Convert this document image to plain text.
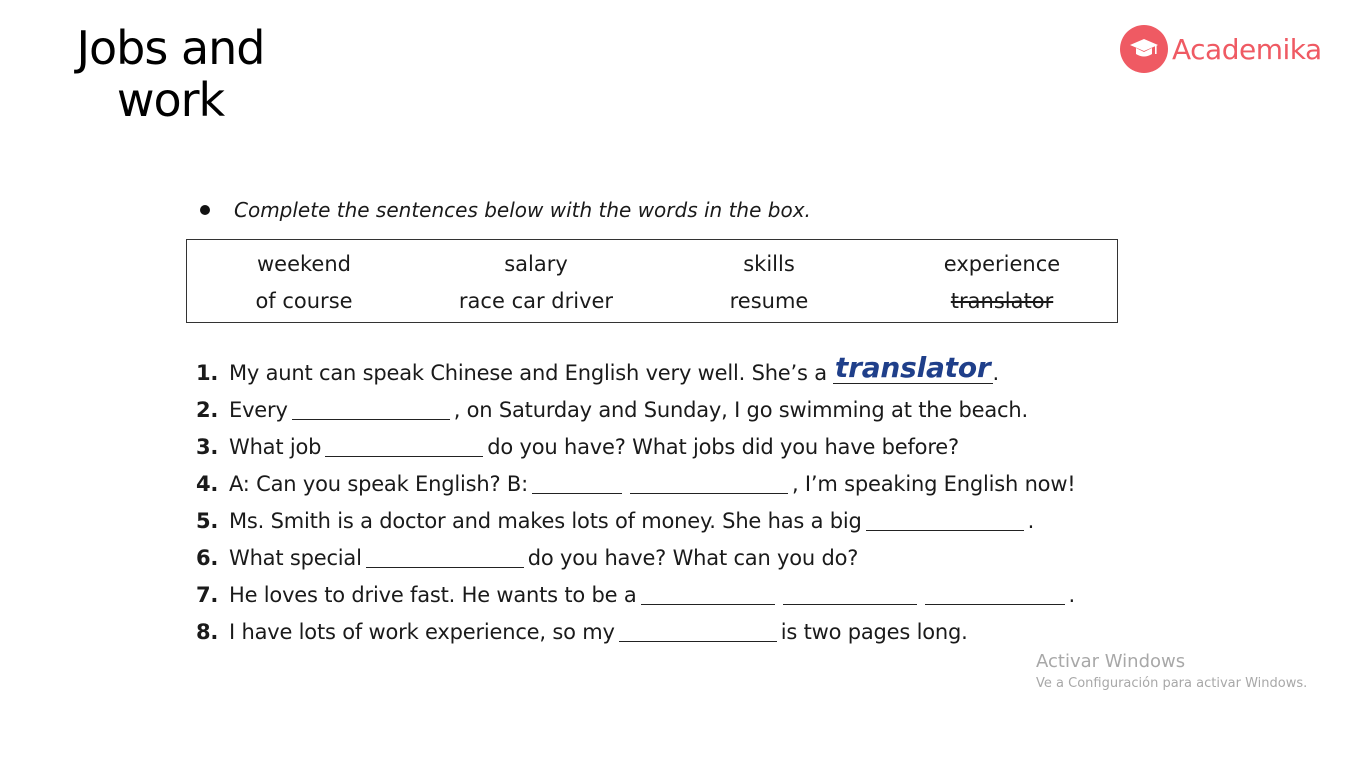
Jobs and
work
Academika
Complete the sentences below with the words in the box.
weekend	salary	skills	experience
of course	race car driver	resume	translator
1. My aunt can speak Chinese and English very well. She’s a translator .
2. Every	, on Saturday and Sunday, I go swimming at the beach.
3. What job	do you have? What jobs did you have before?
4. A: Can you speak English? B:	, I’m speaking English now!
5. Ms. Smith is a doctor and makes lots of money. She has a big	.
6. What special	do you have? What can you do?
7. He loves to drive fast. He wants to be a	.
8. I have lots of work experience, so my	is two pages long.
Activar Windows
Ve a Configuración para activar Windows.
